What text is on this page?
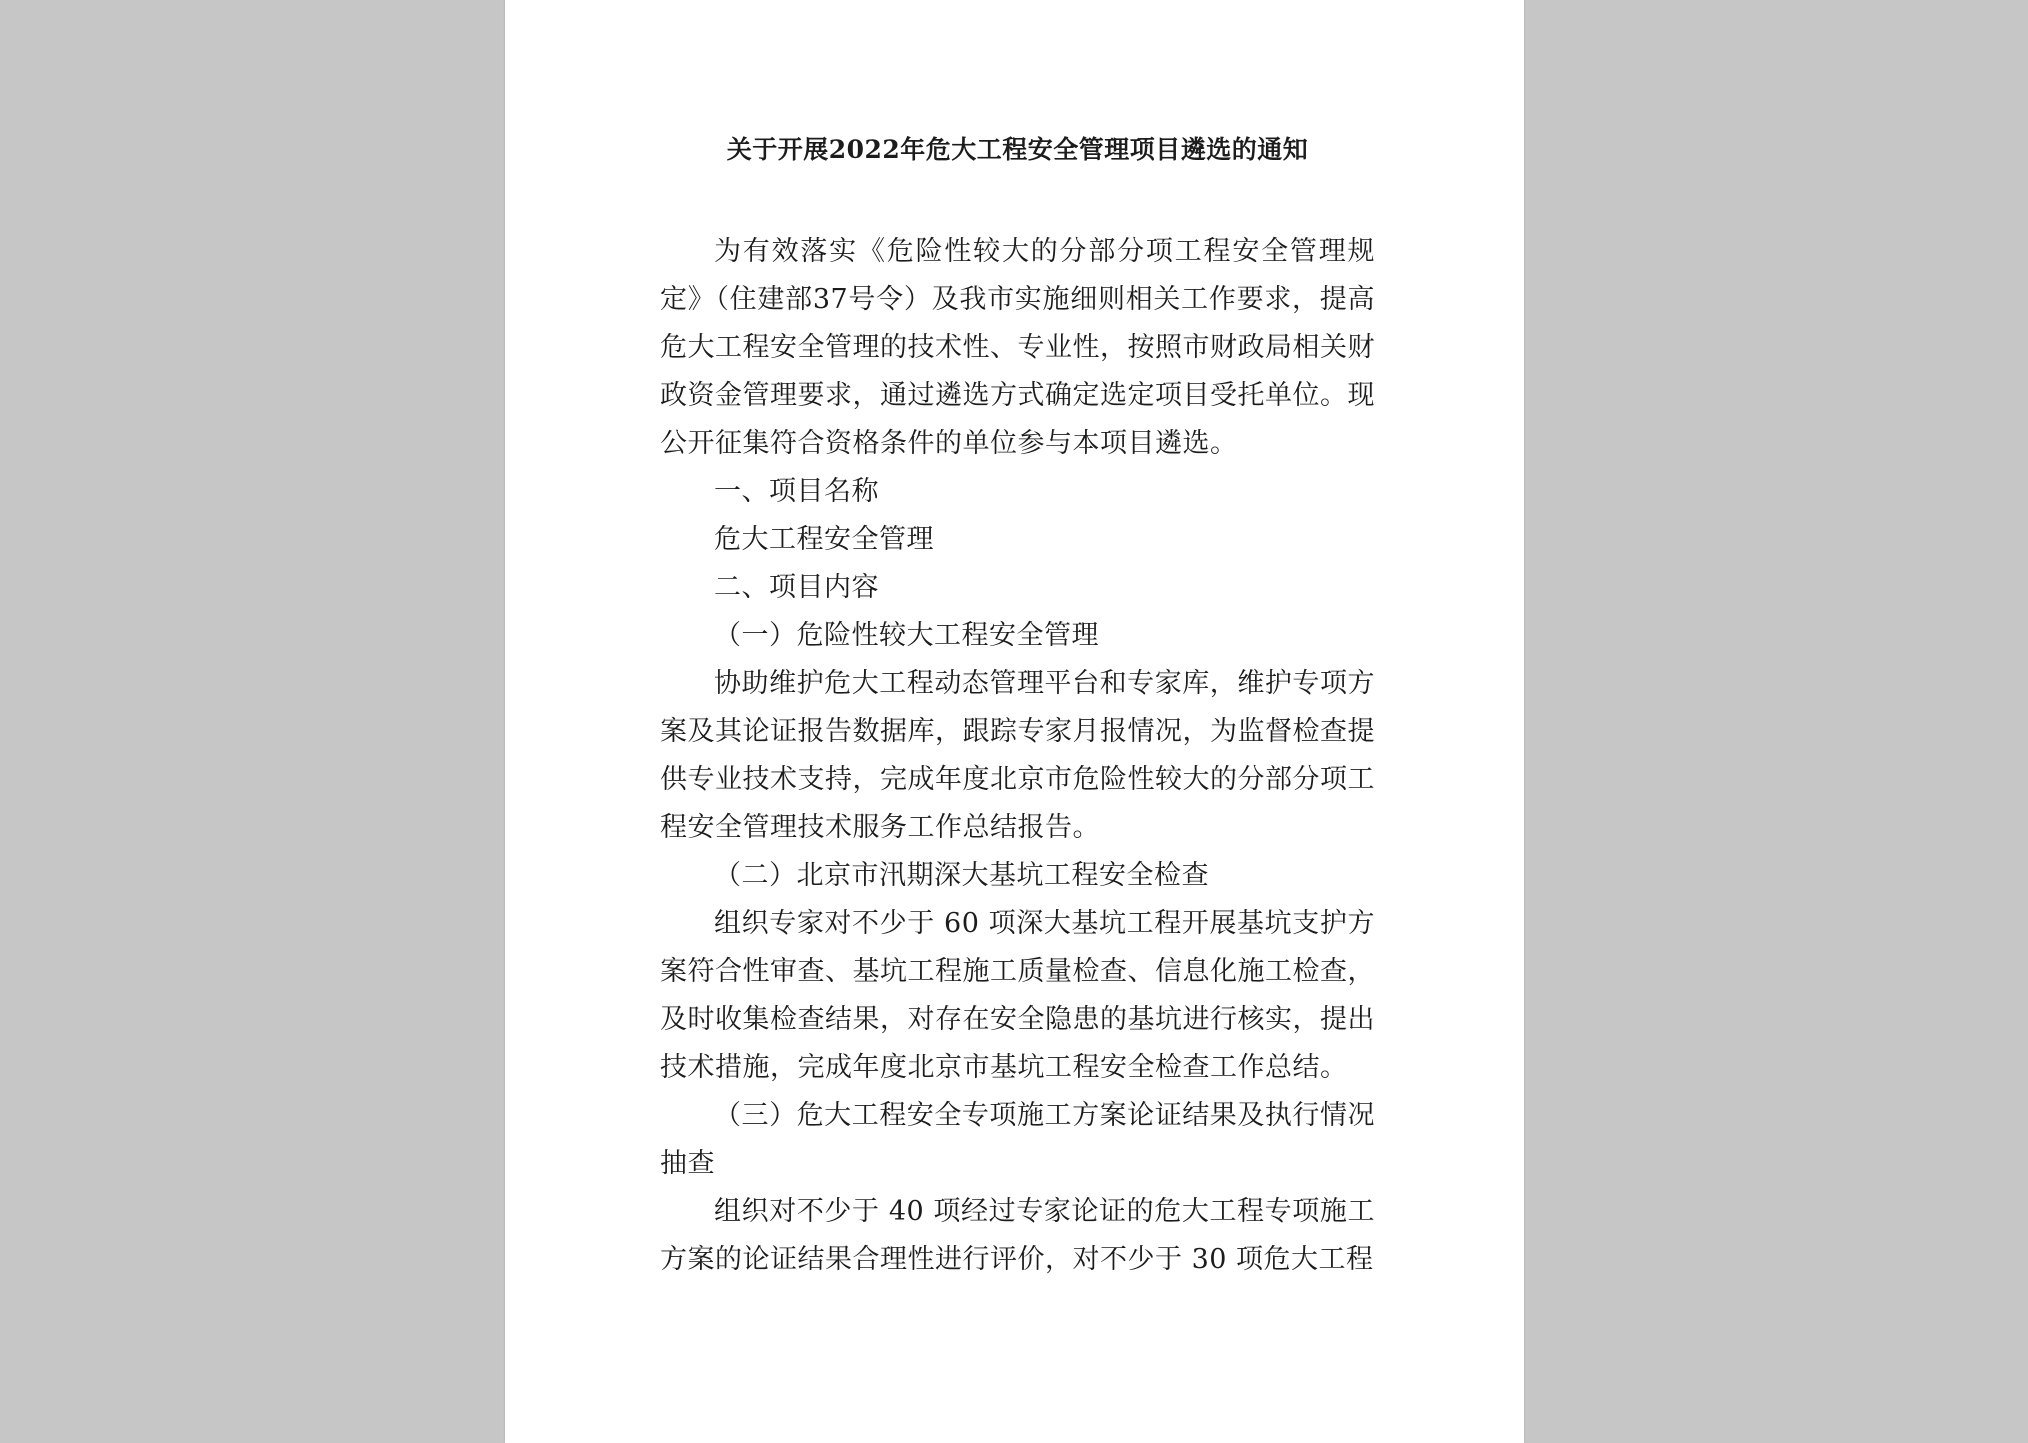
关于开展2022年危大工程安全管理项目遴选的通知

为有效落实《危险性较大的分部分项工程安全管理规定》（住建部37号令）及我市实施细则相关工作要求，提高危大工程安全管理的技术性、专业性，按照市财政局相关财政资金管理要求，通过遴选方式确定选定项目受托单位。现公开征集符合资格条件的单位参与本项目遴选。

一、项目名称

危大工程安全管理

二、项目内容

（一）危险性较大工程安全管理

协助维护危大工程动态管理平台和专家库，维护专项方案及其论证报告数据库，跟踪专家月报情况，为监督检查提供专业技术支持，完成年度北京市危险性较大的分部分项工程安全管理技术服务工作总结报告。

（二）北京市汛期深大基坑工程安全检查

组织专家对不少于 60 项深大基坑工程开展基坑支护方案符合性审查、基坑工程施工质量检查、信息化施工检查，及时收集检查结果，对存在安全隐患的基坑进行核实，提出技术措施，完成年度北京市基坑工程安全检查工作总结。

（三）危大工程安全专项施工方案论证结果及执行情况抽查

组织对不少于 40 项经过专家论证的危大工程专项施工方案的论证结果合理性进行评价，对不少于 30 项危大工程
